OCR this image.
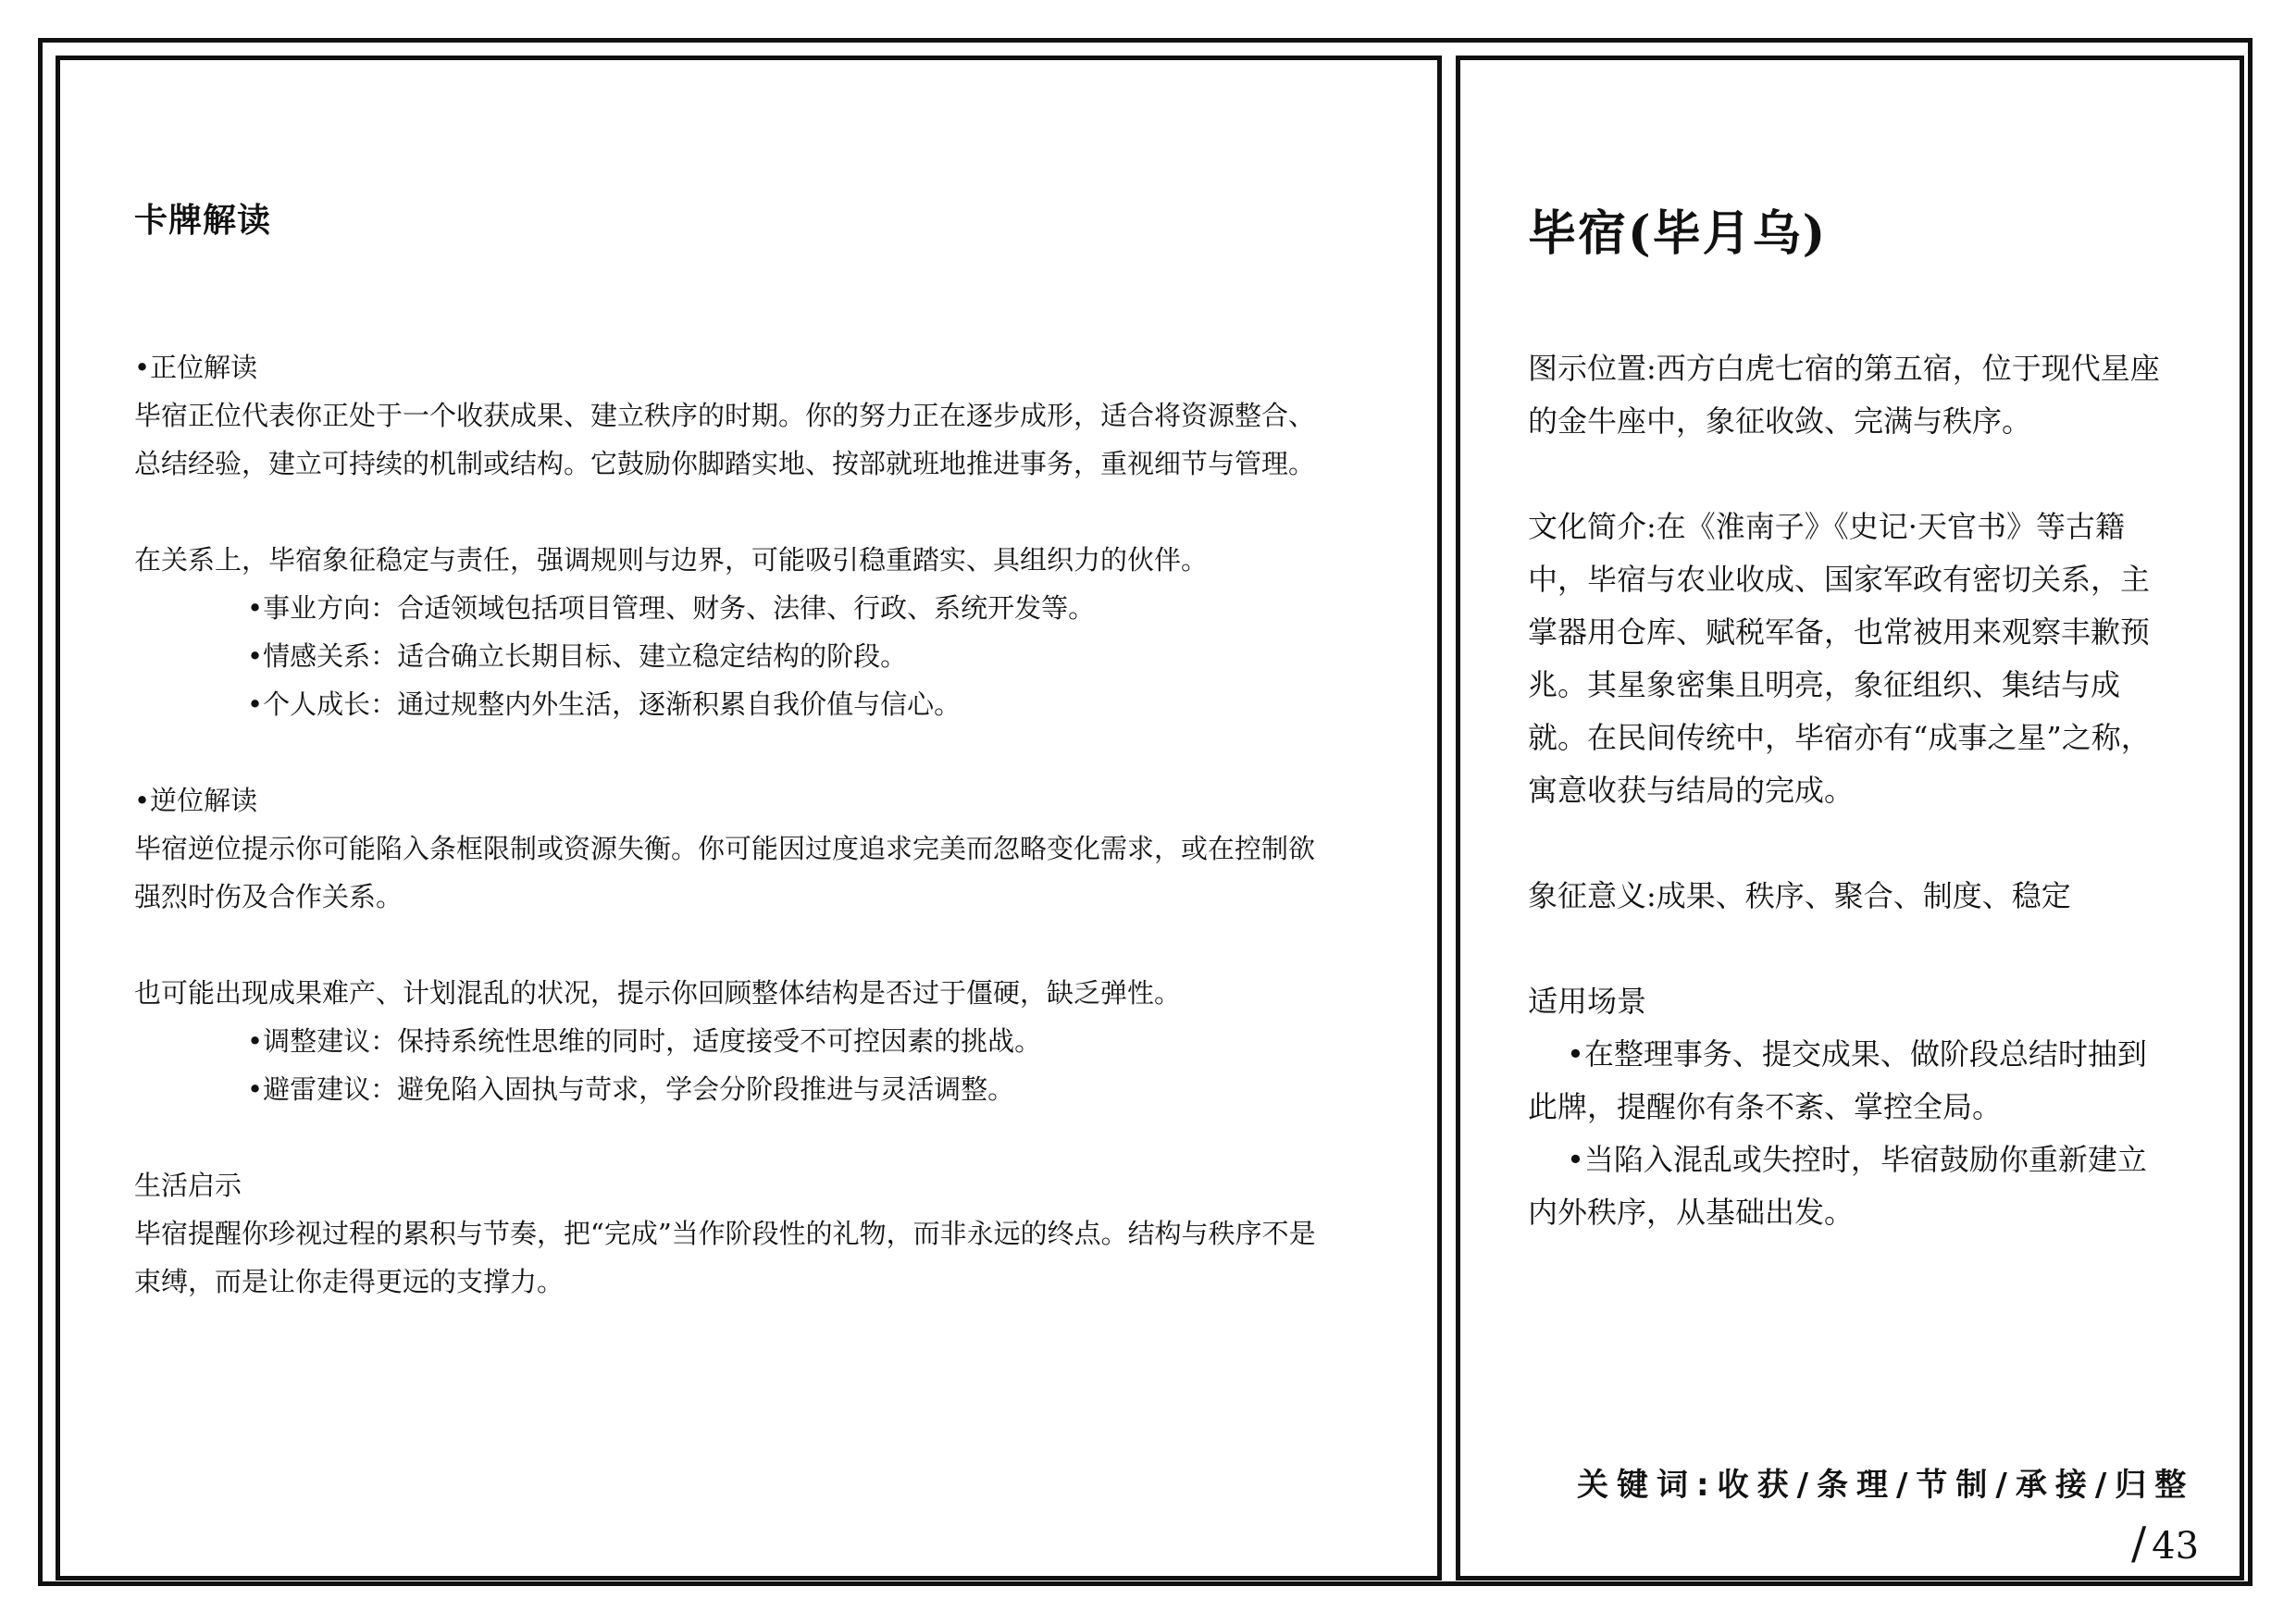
卡牌解读

•正位解读

毕宿正位代表你正处于一个收获成果、建立秩序的时期。你的努力正在逐步成形，适合将资源整合、总结经验，建立可持续的机制或结构。它鼓励你脚踏实地、按部就班地推进事务，重视细节与管理。

在关系上，毕宿象征稳定与责任，强调规则与边界，可能吸引稳重踏实、具组织力的伙伴。

•事业方向：合适领域包括项目管理、财务、法律、行政、系统开发等。

•情感关系：适合确立长期目标、建立稳定结构的阶段。

•个人成长：通过规整内外生活，逐渐积累自我价值与信心。

•逆位解读

毕宿逆位提示你可能陷入条框限制或资源失衡。你可能因过度追求完美而忽略变化需求，或在控制欲强烈时伤及合作关系。

也可能出现成果难产、计划混乱的状况，提示你回顾整体结构是否过于僵硬，缺乏弹性。

•调整建议：保持系统性思维的同时，适度接受不可控因素的挑战。

•避雷建议：避免陷入固执与苛求，学会分阶段推进与灵活调整。

生活启示

毕宿提醒你珍视过程的累积与节奏，把“完成”当作阶段性的礼物，而非永远的终点。结构与秩序不是束缚，而是让你走得更远的支撑力。

毕宿(毕月乌)

图示位置:西方白虎七宿的第五宿，位于现代星座的金牛座中，象征收敛、完满与秩序。

文化简介:在《淮南子》《史记·天官书》等古籍中，毕宿与农业收成、国家军政有密切关系，主掌器用仓库、赋税军备，也常被用来观察丰歉预兆。其星象密集且明亮，象征组织、集结与成就。在民间传统中，毕宿亦有“成事之星”之称，寓意收获与结局的完成。

象征意义:成果、秩序、聚合、制度、稳定

适用场景

•在整理事务、提交成果、做阶段总结时抽到此牌，提醒你有条不紊、掌控全局。

•当陷入混乱或失控时，毕宿鼓励你重新建立内外秩序，从基础出发。

关键词:收获/条理/节制/承接/归整
/ 43
